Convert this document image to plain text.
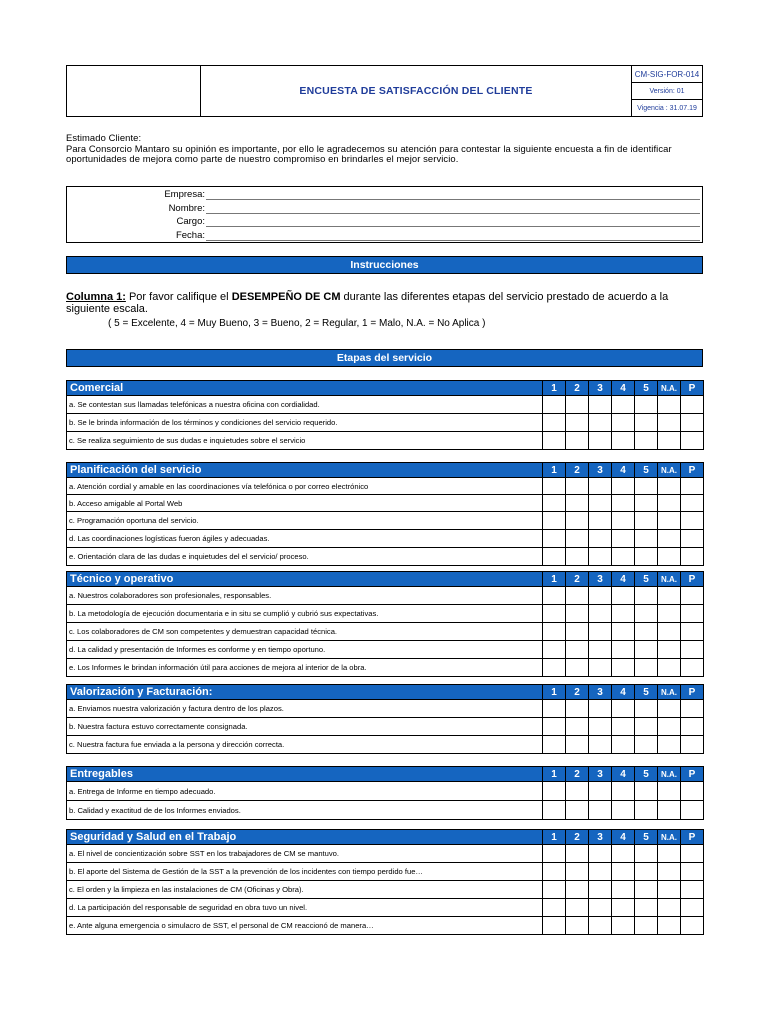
ENCUESTA DE SATISFACCIÓN DEL CLIENTE
CM-SIG-FOR-014
Versión: 01
Vigencia : 31.07.19
Estimado Cliente:
Para Consorcio Mantaro su opinión es importante, por ello le agradecemos su atención para contestar la siguiente encuesta a fin de identificar oportunidades de mejora como parte de nuestro compromiso en brindarles el mejor servicio.
Empresa:
Nombre:
Cargo:
Fecha:
Instrucciones
Columna 1: Por favor califique el DESEMPEÑO DE CM durante las diferentes etapas del servicio prestado de acuerdo a la siguiente escala.
( 5 = Excelente, 4 = Muy Bueno, 3 = Bueno, 2 = Regular, 1 = Malo, N.A. = No Aplica )
Etapas del servicio
Comercial	1	2	3	4	5	N.A.	P
a. Se contestan sus llamadas telefónicas a nuestra oficina con cordialidad.							
b. Se le brinda información de los términos y condiciones del servicio requerido.							
c. Se realiza seguimiento de sus dudas e inquietudes sobre el servicio							
Planificación del servicio	1	2	3	4	5	N.A.	P
a. Atención cordial y amable en las coordinaciones vía telefónica o por correo electrónico							
b. Acceso amigable al Portal Web							
c. Programación oportuna del servicio.							
d. Las coordinaciones logísticas fueron ágiles y adecuadas.							
e. Orientación clara de las dudas e inquietudes del el servicio/ proceso.							
Técnico y operativo	1	2	3	4	5	N.A.	P
a. Nuestros colaboradores son profesionales, responsables.							
b. La metodología de ejecución documentaria e in situ se cumplió y cubrió sus expectativas.							
c. Los colaboradores de CM son competentes y demuestran capacidad técnica.							
d. La calidad y presentación de Informes es conforme y en tiempo oportuno.							
e. Los Informes le brindan información útil para acciones de mejora al interior de la obra.							
Valorización y Facturación:	1	2	3	4	5	N.A.	P
a. Enviamos nuestra valorización y factura dentro de los plazos.							
b. Nuestra factura estuvo correctamente consignada.							
c. Nuestra factura fue enviada a la persona y dirección correcta.							
Entregables	1	2	3	4	5	N.A.	P
a. Entrega de Informe en tiempo adecuado.							
b. Calidad y exactitud de de los Informes enviados.							
Seguridad y Salud en el Trabajo	1	2	3	4	5	N.A.	P
a. El nivel de concientización sobre SST en los trabajadores de CM se mantuvo.							
b. El aporte del Sistema de Gestión de la SST a la prevención de los incidentes con tiempo perdido fue…							
c. El orden y la limpieza en las instalaciones de CM (Oficinas y Obra).							
d. La participación del responsable de seguridad en obra tuvo un nivel.							
e. Ante alguna emergencia o simulacro de SST, el personal de CM reaccionó de manera…							
